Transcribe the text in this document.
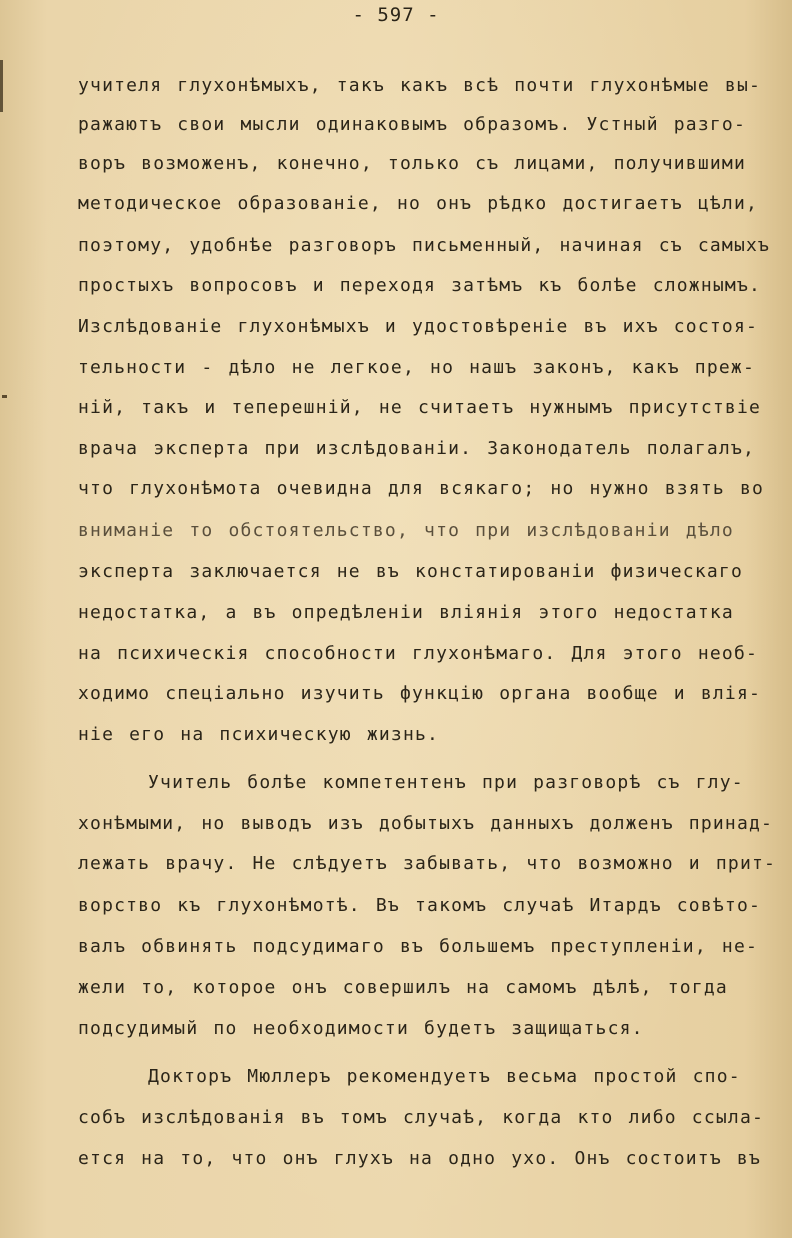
- 597 -
учителя глухонѣмыхъ, такъ какъ всѣ почти глухонѣмые вы-
ражаютъ свои мысли одинаковымъ образомъ. Устный разго-
воръ возможенъ, конечно, только съ лицами, получившими
методическое образованіе, но онъ рѣдко достигаетъ цѣли,
поэтому, удобнѣе разговоръ письменный, начиная съ самыхъ
простыхъ вопросовъ и переходя затѣмъ къ болѣе сложнымъ.
Изслѣдованіе глухонѣмыхъ и удостовѣреніе въ ихъ состоя-
тельности - дѣло не легкое, но нашъ законъ, какъ преж-
ній, такъ и теперешній, не считаетъ нужнымъ присутствіе
врача эксперта при изслѣдованіи. Законодатель полагалъ,
что глухонѣмота очевидна для всякаго; но нужно взять во
вниманіе то обстоятельство, что при изслѣдованіи дѣло
эксперта заключается не въ констатированіи физическаго
недостатка, а въ опредѣленіи вліянія этого недостатка
на психическія способности глухонѣмаго. Для этого необ-
ходимо спеціально изучить функцію органа вообще и влія-
ніе его на психическую жизнь.
Учитель болѣе компетентенъ при разговорѣ съ глу-
хонѣмыми, но выводъ изъ добытыхъ данныхъ долженъ принад-
лежать врачу. Не слѣдуетъ забывать, что возможно и прит-
ворство къ глухонѣмотѣ. Въ такомъ случаѣ Итардъ совѣто-
валъ обвинять подсудимаго въ большемъ преступленіи, не-
жели то, которое онъ совершилъ на самомъ дѣлѣ, тогда
подсудимый по необходимости будетъ защищаться.
Докторъ Мюллеръ рекомендуетъ весьма простой спо-
собъ изслѣдованія въ томъ случаѣ, когда кто либо ссыла-
ется на то, что онъ глухъ на одно ухо. Онъ состоитъ въ
